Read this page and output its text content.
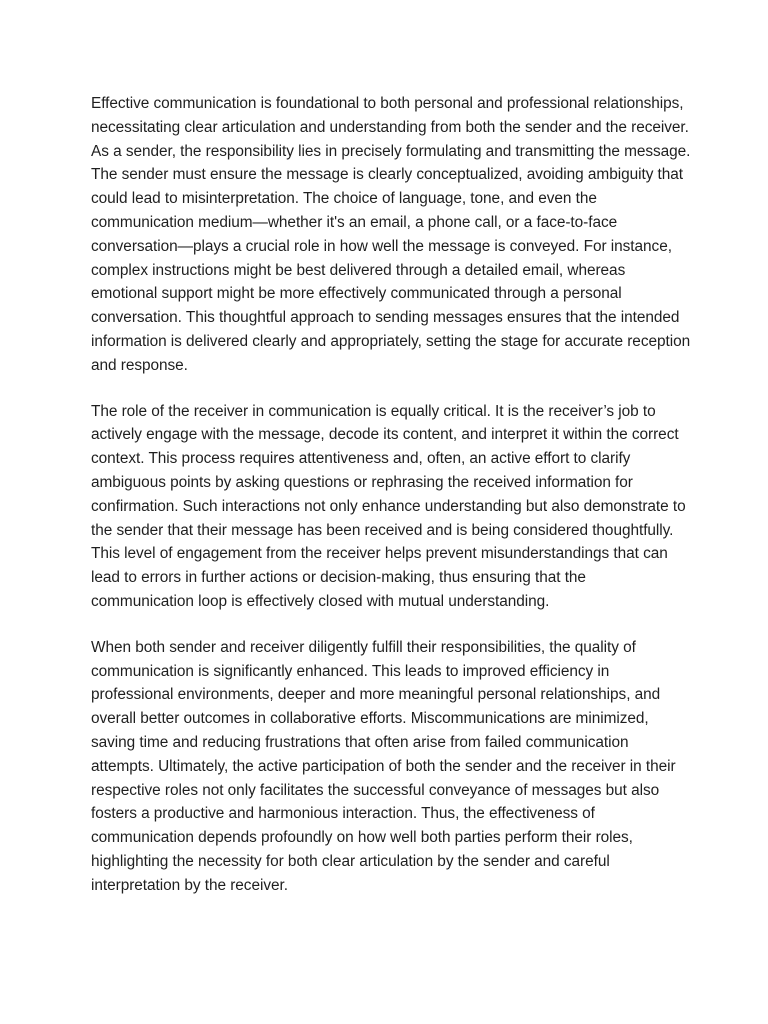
Effective communication is foundational to both personal and professional relationships, necessitating clear articulation and understanding from both the sender and the receiver. As a sender, the responsibility lies in precisely formulating and transmitting the message. The sender must ensure the message is clearly conceptualized, avoiding ambiguity that could lead to misinterpretation. The choice of language, tone, and even the communication medium—whether it's an email, a phone call, or a face-to-face conversation—plays a crucial role in how well the message is conveyed. For instance, complex instructions might be best delivered through a detailed email, whereas emotional support might be more effectively communicated through a personal conversation. This thoughtful approach to sending messages ensures that the intended information is delivered clearly and appropriately, setting the stage for accurate reception and response.

The role of the receiver in communication is equally critical. It is the receiver’s job to actively engage with the message, decode its content, and interpret it within the correct context. This process requires attentiveness and, often, an active effort to clarify ambiguous points by asking questions or rephrasing the received information for confirmation. Such interactions not only enhance understanding but also demonstrate to the sender that their message has been received and is being considered thoughtfully. This level of engagement from the receiver helps prevent misunderstandings that can lead to errors in further actions or decision-making, thus ensuring that the communication loop is effectively closed with mutual understanding.

When both sender and receiver diligently fulfill their responsibilities, the quality of communication is significantly enhanced. This leads to improved efficiency in professional environments, deeper and more meaningful personal relationships, and overall better outcomes in collaborative efforts. Miscommunications are minimized, saving time and reducing frustrations that often arise from failed communication attempts. Ultimately, the active participation of both the sender and the receiver in their respective roles not only facilitates the successful conveyance of messages but also fosters a productive and harmonious interaction. Thus, the effectiveness of communication depends profoundly on how well both parties perform their roles, highlighting the necessity for both clear articulation by the sender and careful interpretation by the receiver.
